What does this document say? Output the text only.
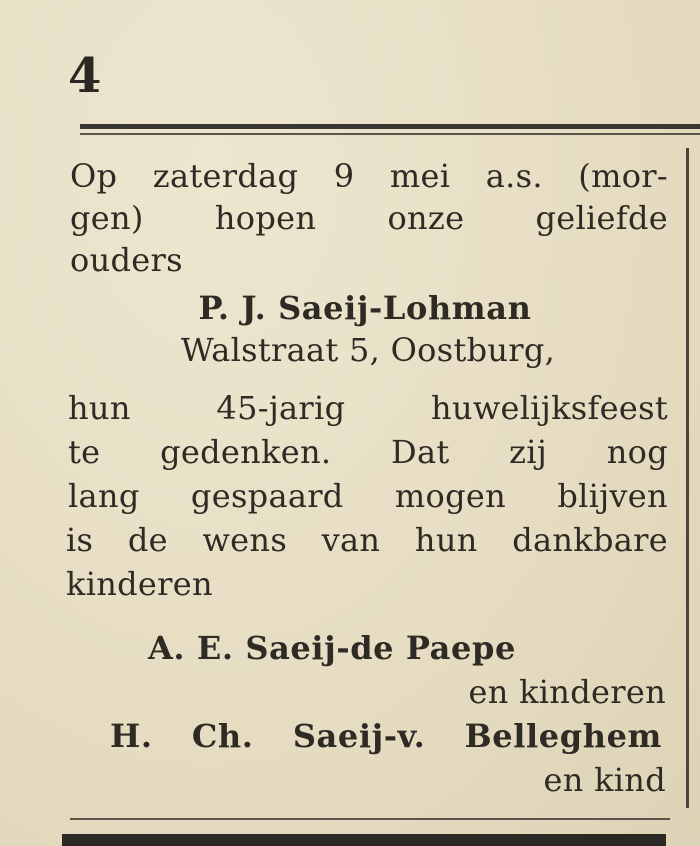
4
Op zaterdag 9 mei a.s. (mor-
gen) hopen onze geliefde
ouders
P. J. Saeij-Lohman
Walstraat 5, Oostburg,
hun	45-jarig	huwelijksfeest
te gedenken. Dat zij nog
lang gespaard mogen blijven
is de wens van hun dankbare
kinderen
A. E. Saeij-de Paepe
en kinderen
H. Ch. Saeij-v. Belleghem
en kind
